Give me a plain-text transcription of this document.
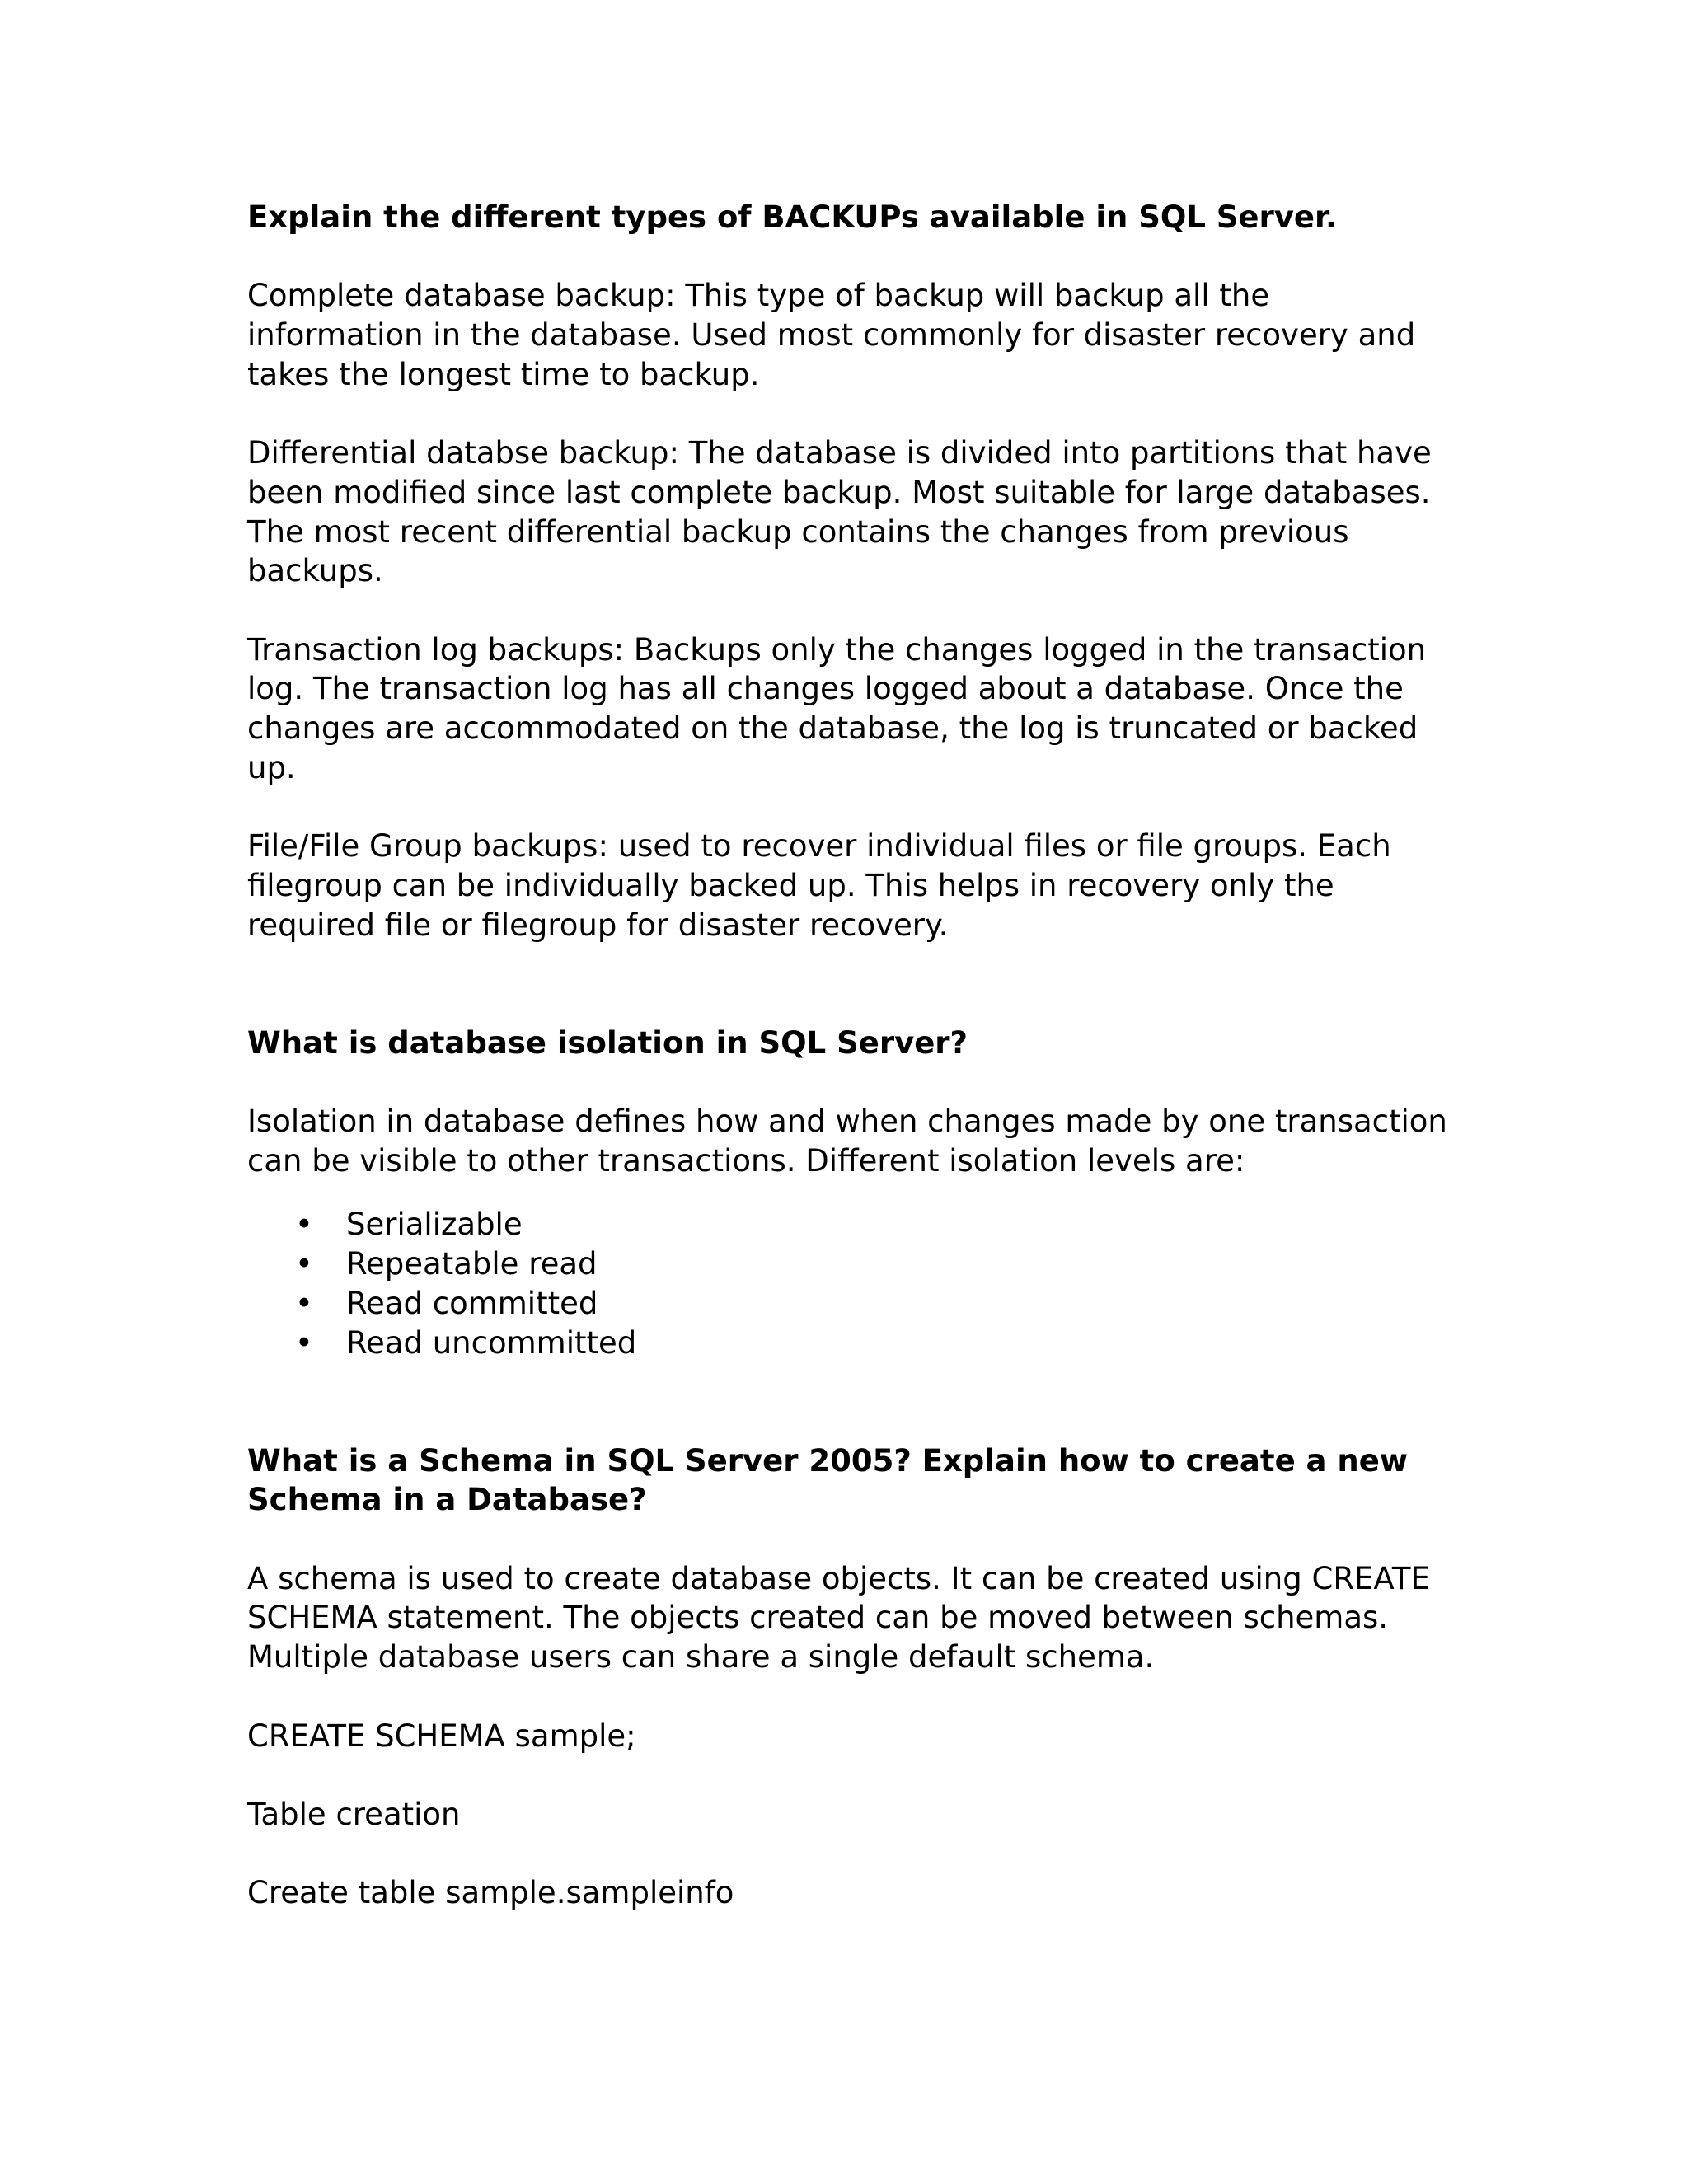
Explain the different types of BACKUPs available in SQL Server.

Complete database backup: This type of backup will backup all the information in the database. Used most commonly for disaster recovery and takes the longest time to backup.

Differential databse backup: The database is divided into partitions that have been modified since last complete backup. Most suitable for large databases. The most recent differential backup contains the changes from previous backups.

Transaction log backups: Backups only the changes logged in the transaction log. The transaction log has all changes logged about a database. Once the changes are accommodated on the database, the log is truncated or backed up.

File/File Group backups: used to recover individual files or file groups. Each filegroup can be individually backed up. This helps in recovery only the required file or filegroup for disaster recovery.

What is database isolation in SQL Server?

Isolation in database defines how and when changes made by one transaction can be visible to other transactions. Different isolation levels are:

• Serializable
• Repeatable read
• Read committed
• Read uncommitted

What is a Schema in SQL Server 2005? Explain how to create a new Schema in a Database?

A schema is used to create database objects. It can be created using CREATE SCHEMA statement. The objects created can be moved between schemas. Multiple database users can share a single default schema.

CREATE SCHEMA sample;

Table creation

Create table sample.sampleinfo
